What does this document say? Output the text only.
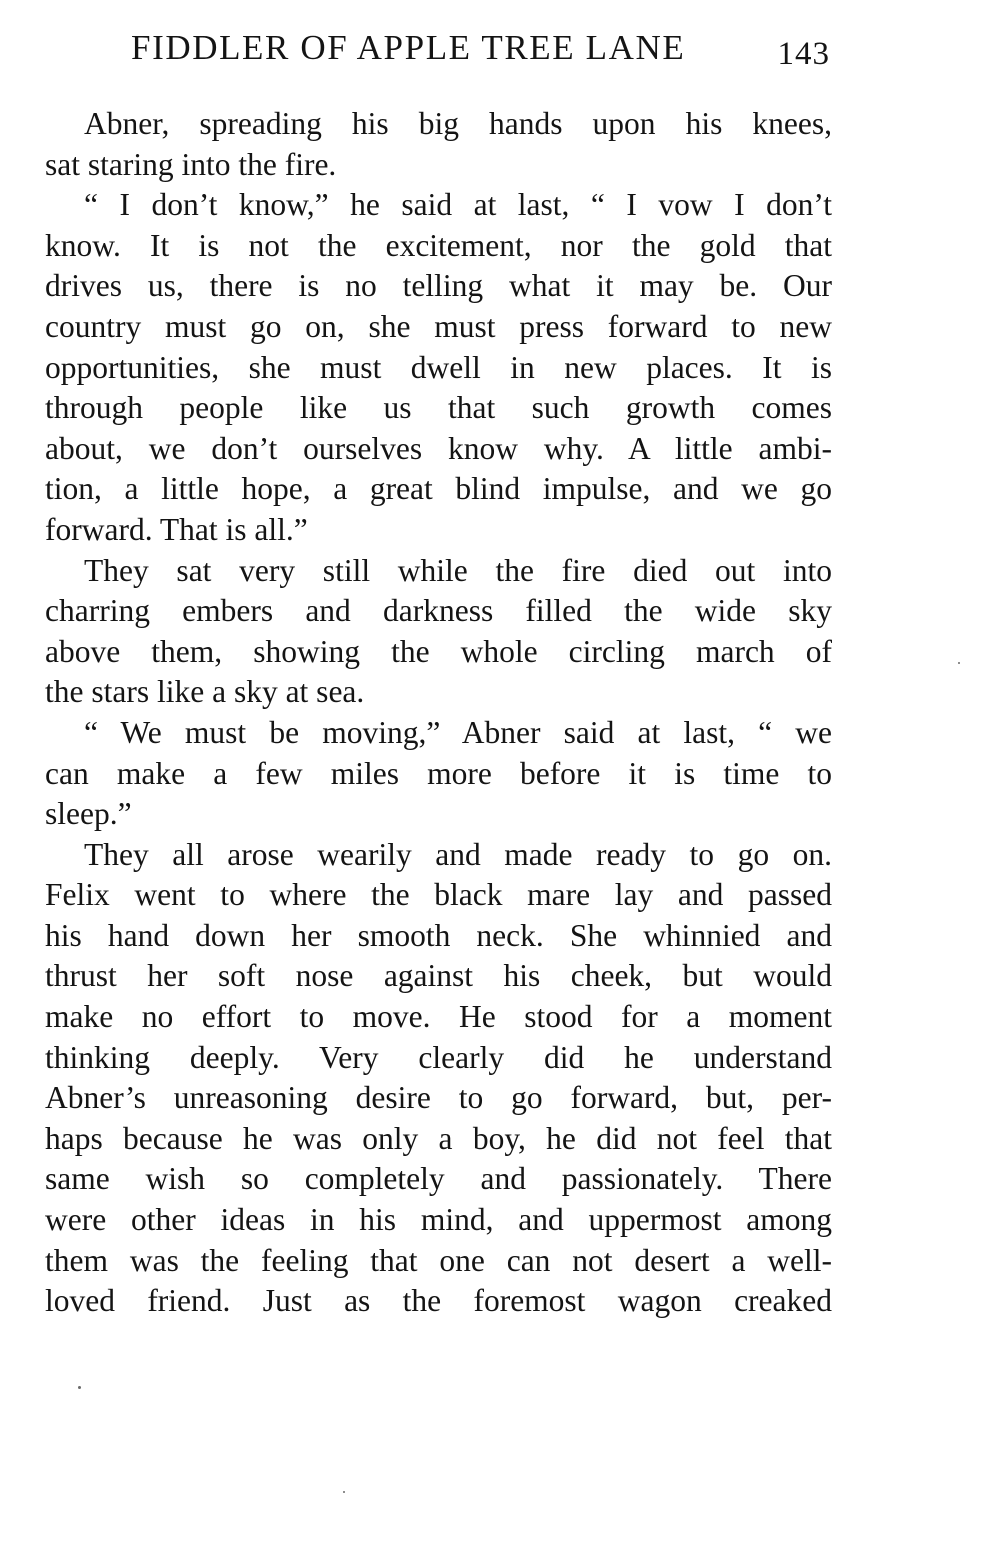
FIDDLER OF APPLE TREE LANE	143
Abner, spreading his big hands upon his knees,
sat staring into the fire.
“ I don’t know,” he said at last, “ I vow I don’t
know. It is not the excitement, nor the gold that
drives us, there is no telling what it may be. Our
country must go on, she must press forward to new
opportunities, she must dwell in new places. It is
through people like us that such growth comes
about, we don’t ourselves know why. A little ambi-
tion, a little hope, a great blind impulse, and we go
forward. That is all.”
They sat very still while the fire died out into
charring embers and darkness filled the wide sky
above them, showing the whole circling march of
the stars like a sky at sea.
“ We must be moving,” Abner said at last, “ we
can make a few miles more before it is time to
sleep.”
They all arose wearily and made ready to go on.
Felix went to where the black mare lay and passed
his hand down her smooth neck. She whinnied and
thrust her soft nose against his cheek, but would
make no effort to move. He stood for a moment
thinking deeply. Very clearly did he understand
Abner’s unreasoning desire to go forward, but, per-
haps because he was only a boy, he did not feel that
same wish so completely and passionately. There
were other ideas in his mind, and uppermost among
them was the feeling that one can not desert a well-
loved friend. Just as the foremost wagon creaked
